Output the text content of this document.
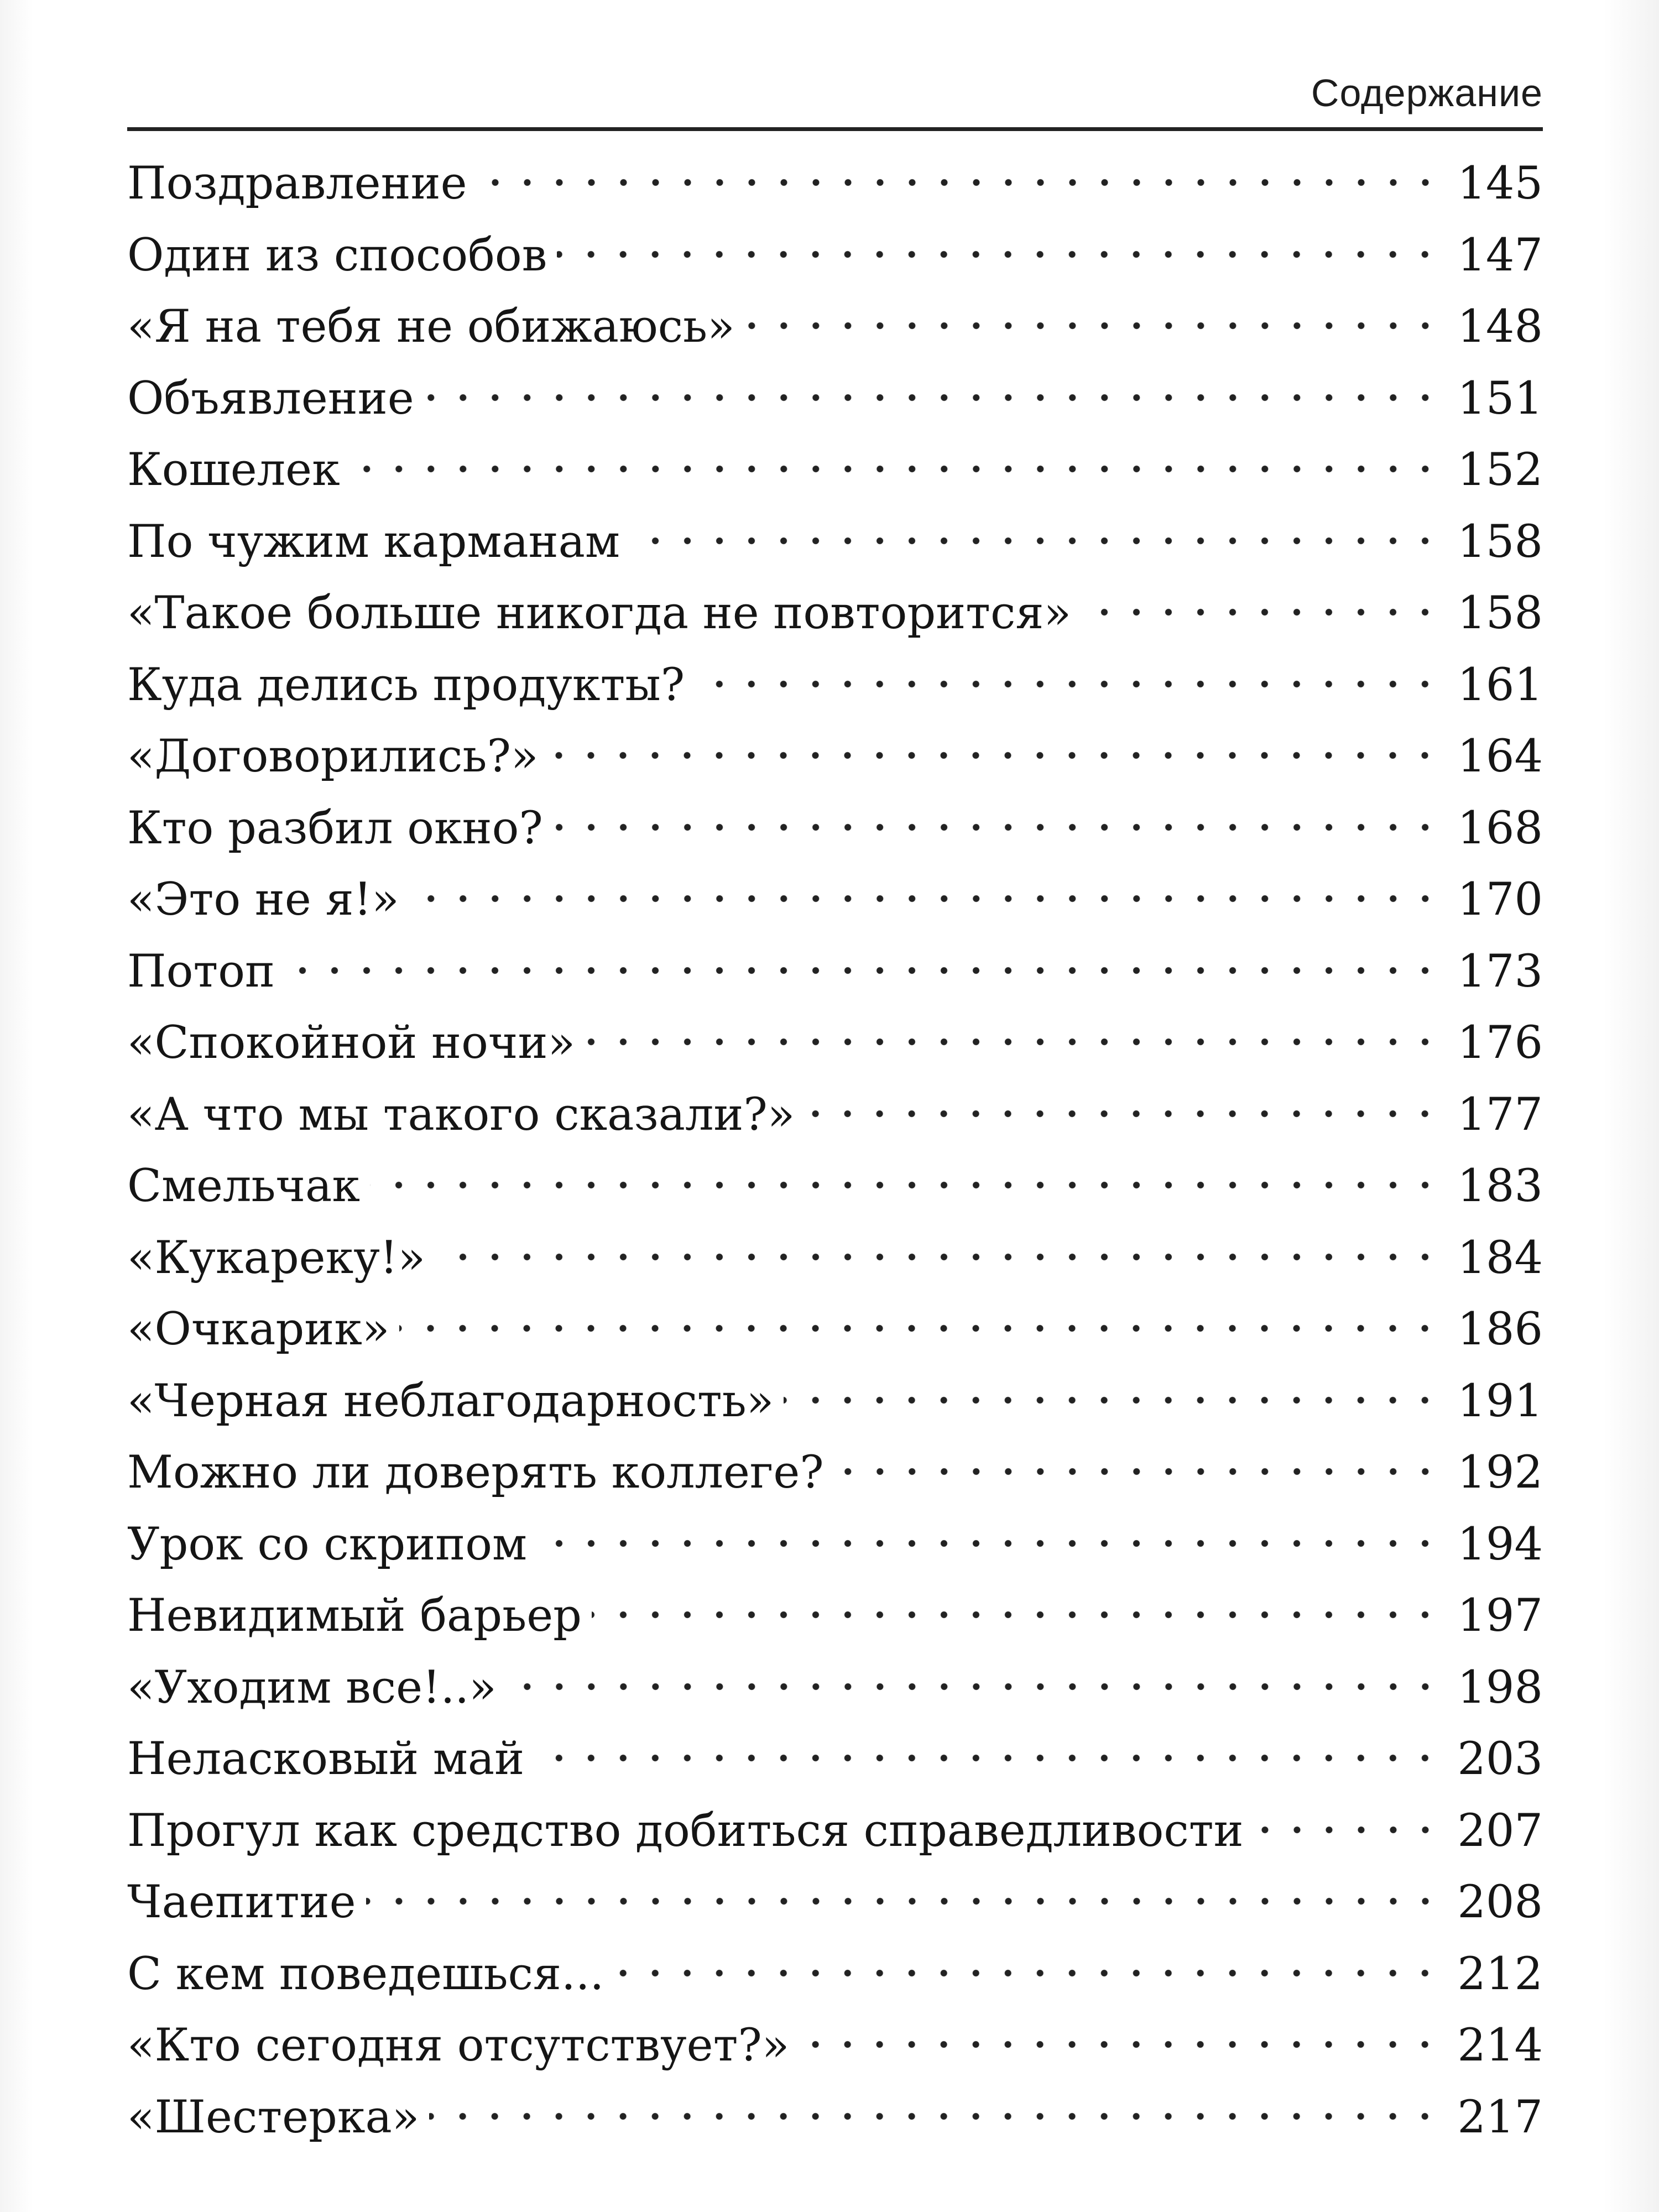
Содержание
Поздравление	145
Один из способов	147
«Я на тебя не обижаюсь»	148
Объявление	151
Кошелек	152
По чужим карманам	158
«Такое больше никогда не повторится»	158
Куда делись продукты?	161
«Договорились?»	164
Кто разбил окно?	168
«Это не я!»	170
Потоп	173
«Спокойной ночи»	176
«А что мы такого сказали?»	177
Смельчак	183
«Кукареку!»	184
«Очкарик»	186
«Черная неблагодарность»	191
Можно ли доверять коллеге?	192
Урок со скрипом	194
Невидимый барьер	197
«Уходим все!..»	198
Неласковый май	203
Прогул как средство добиться справедливости	207
Чаепитие	208
С кем поведешься...	212
«Кто сегодня отсутствует?»	214
«Шестерка»	217
